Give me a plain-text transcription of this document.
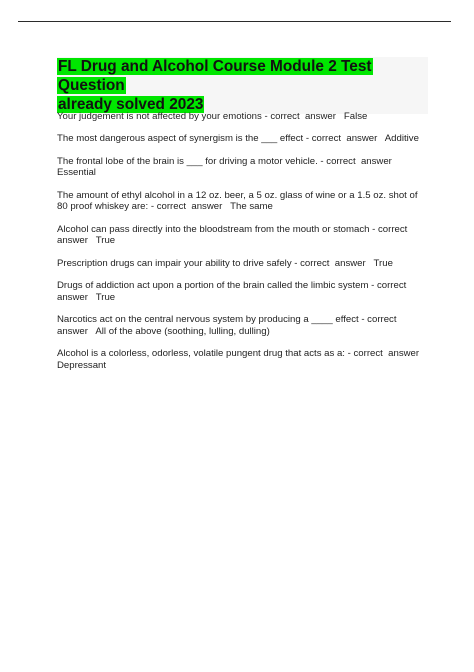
FL Drug and Alcohol Course Module 2 Test Question
already solved 2023

Your judgement is not affected by your emotions - correct  answer   False
The most dangerous aspect of synergism is the ___ effect - correct  answer   Additive
The frontal lobe of the brain is ___ for driving a motor vehicle. - correct  answer  Essential
The amount of ethyl alcohol in a 12 oz. beer, a 5 oz. glass of wine or a 1.5 oz. shot of 80 proof whiskey are: - correct  answer   The same
Alcohol can pass directly into the bloodstream from the mouth or stomach - correct answer   True
Prescription drugs can impair your ability to drive safely - correct  answer   True
Drugs of addiction act upon a portion of the brain called the limbic system - correct answer   True
Narcotics act on the central nervous system by producing a ____ effect - correct answer   All of the above (soothing, lulling, dulling)
Alcohol is a colorless, odorless, volatile pungent drug that acts as a: - correct  answer  Depressant
